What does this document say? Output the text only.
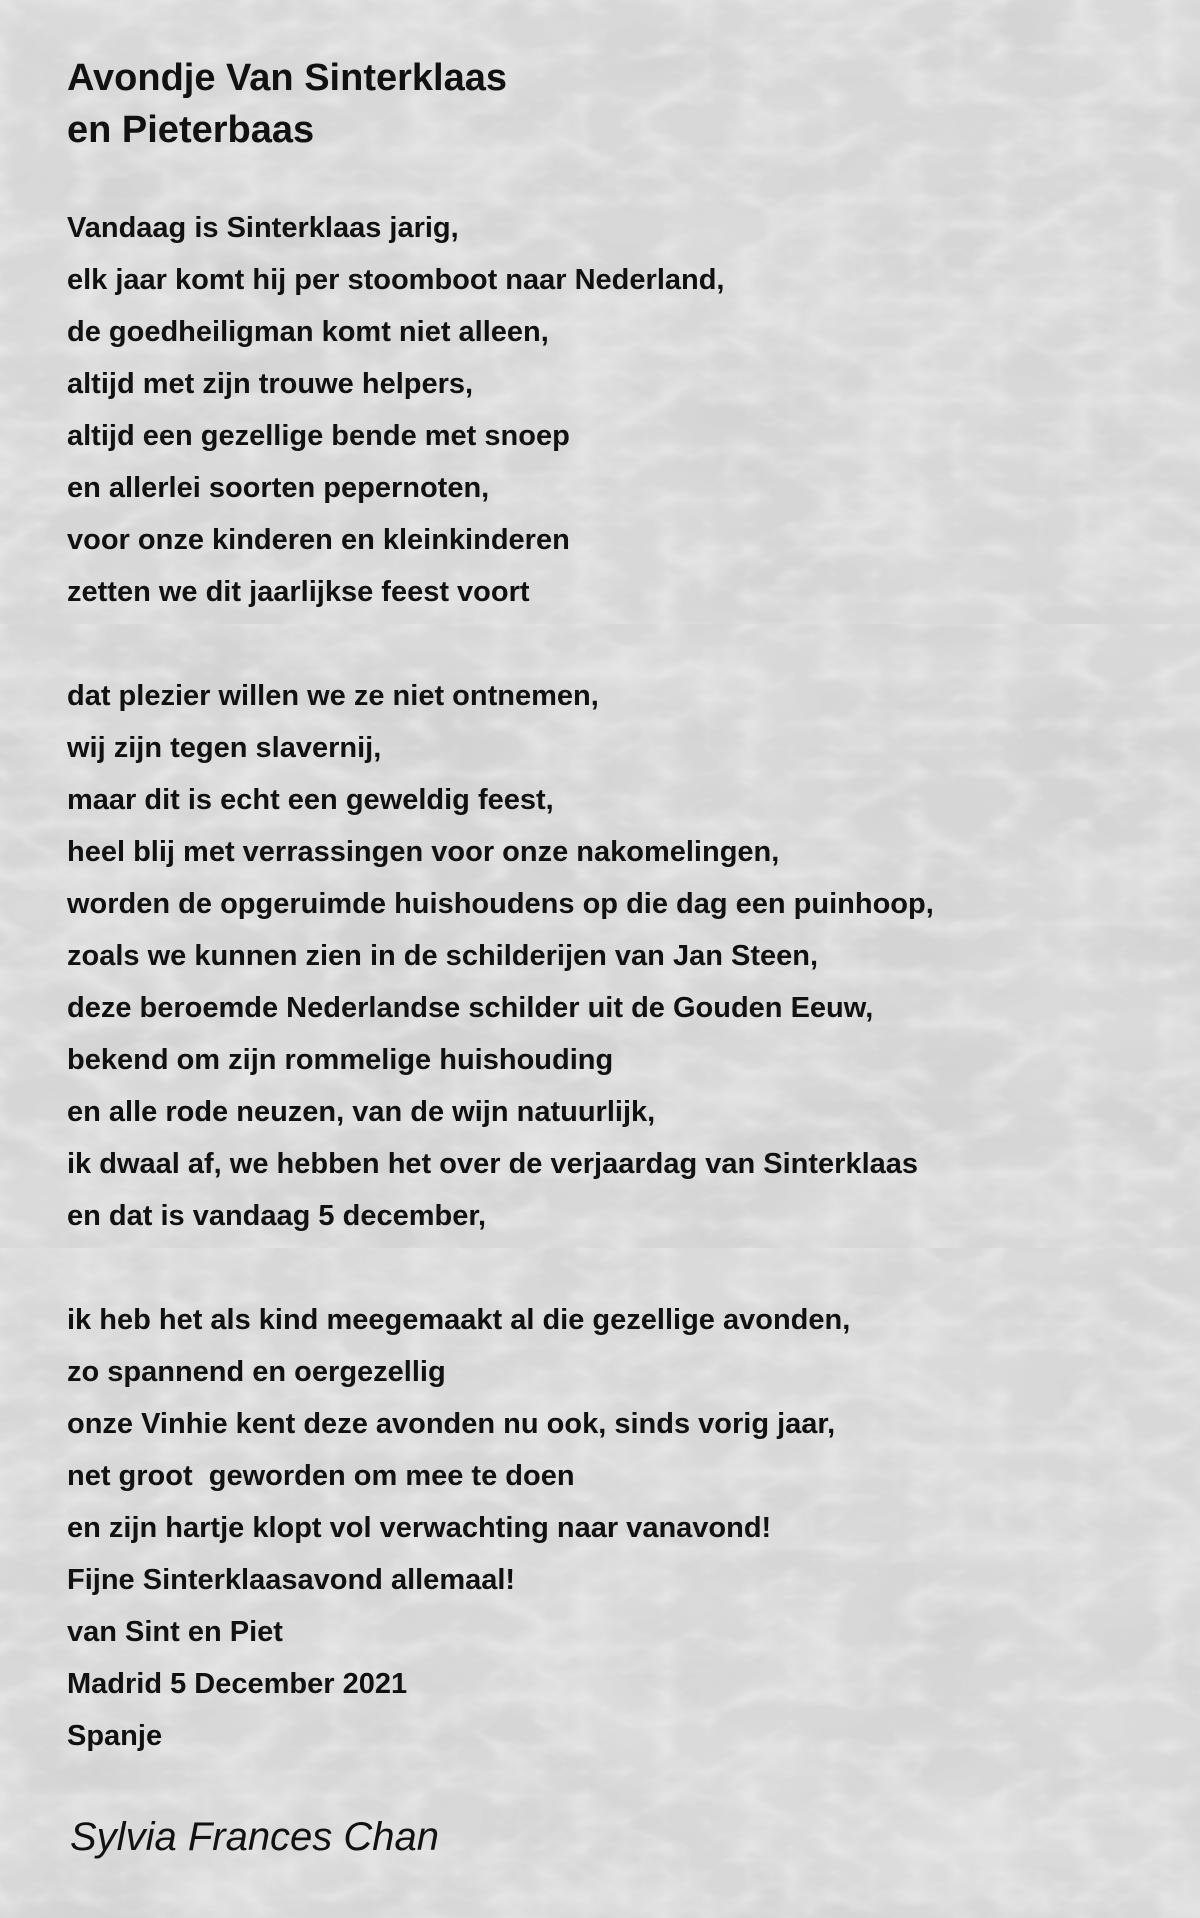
Avondje Van Sinterklaas
en Pieterbaas
Vandaag is Sinterklaas jarig,
elk jaar komt hij per stoomboot naar Nederland,
de goedheiligman komt niet alleen,
altijd met zijn trouwe helpers,
altijd een gezellige bende met snoep
en allerlei soorten pepernoten,
voor onze kinderen en kleinkinderen
zetten we dit jaarlijkse feest voort
dat plezier willen we ze niet ontnemen,
wij zijn tegen slavernij,
maar dit is echt een geweldig feest,
heel blij met verrassingen voor onze nakomelingen,
worden de opgeruimde huishoudens op die dag een puinhoop,
zoals we kunnen zien in de schilderijen van Jan Steen,
deze beroemde Nederlandse schilder uit de Gouden Eeuw,
bekend om zijn rommelige huishouding
en alle rode neuzen, van de wijn natuurlijk,
ik dwaal af, we hebben het over de verjaardag van Sinterklaas
en dat is vandaag 5 december,
ik heb het als kind meegemaakt al die gezellige avonden,
zo spannend en oergezellig
onze Vinhie kent deze avonden nu ook, sinds vorig jaar,
net groot  geworden om mee te doen
en zijn hartje klopt vol verwachting naar vanavond!
Fijne Sinterklaasavond allemaal!
van Sint en Piet
Madrid 5 December 2021
Spanje

Sylvia Frances Chan
